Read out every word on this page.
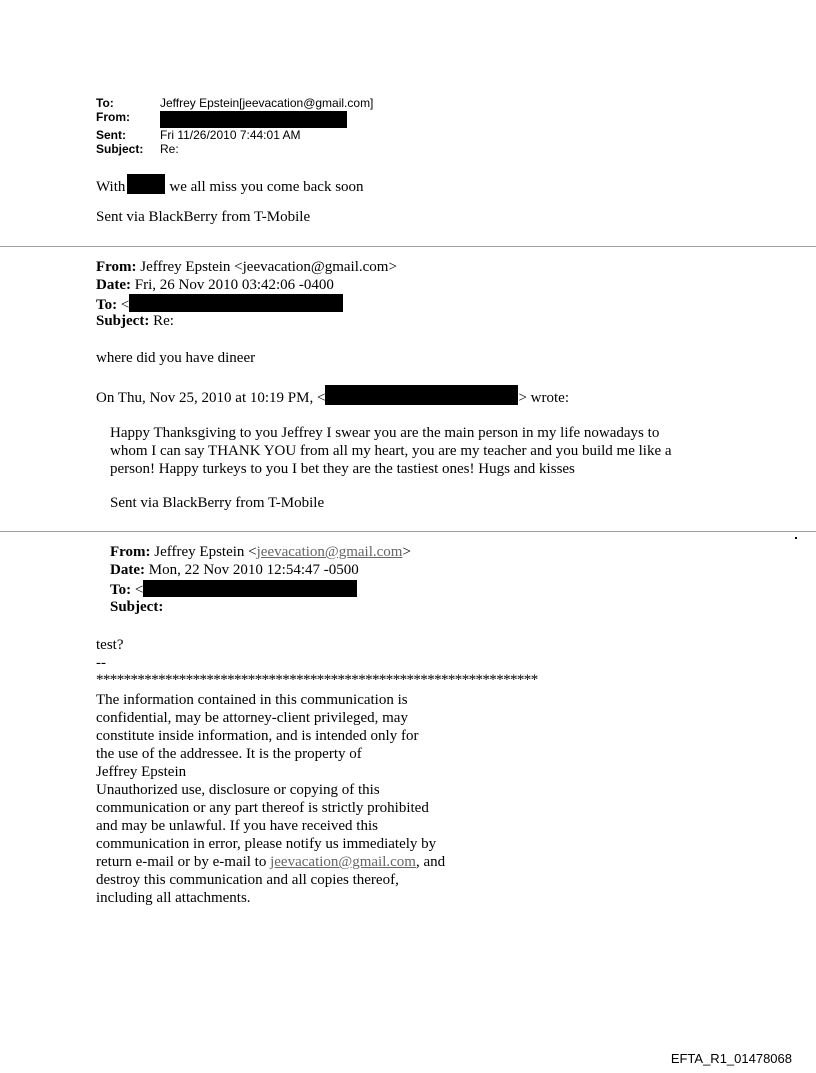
To:	Jeffrey Epstein[jeevacation@gmail.com]
From:
Sent:	Fri 11/26/2010 7:44:01 AM
Subject: Re:
With	we all miss you come back soon
Sent via BlackBerry from T-Mobile
From: Jeffrey Epstein <jeevacation@gmail.com>
Date: Fri, 26 Nov 2010 03:42:06 -0400
To: <
Subject: Re:
where did you have dineer
On Thu, Nov 25, 2010 at 10:19 PM, <	> wrote:
Happy Thanksgiving to you Jeffrey I swear you are the main person in my life nowadays to
whom I can say THANK YOU from all my heart, you are my teacher and you build me like a
person! Happy turkeys to you I bet they are the tastiest ones! Hugs and kisses
Sent via BlackBerry from T-Mobile
From: Jeffrey Epstein <jeevacation@gmail.com>
Date: Mon, 22 Nov 2010 12:54:47 -0500
To: <
Subject:
test?
--
****************************************************************
The information contained in this communication is
confidential, may be attorney-client privileged, may
constitute inside information, and is intended only for
the use of the addressee. It is the property of
Jeffrey Epstein
Unauthorized use, disclosure or copying of this
communication or any part thereof is strictly prohibited
and may be unlawful. If you have received this
communication in error, please notify us immediately by
return e-mail or by e-mail to jeevacation@gmail.com, and
destroy this communication and all copies thereof,
including all attachments.
EFTA_R1_01478068
